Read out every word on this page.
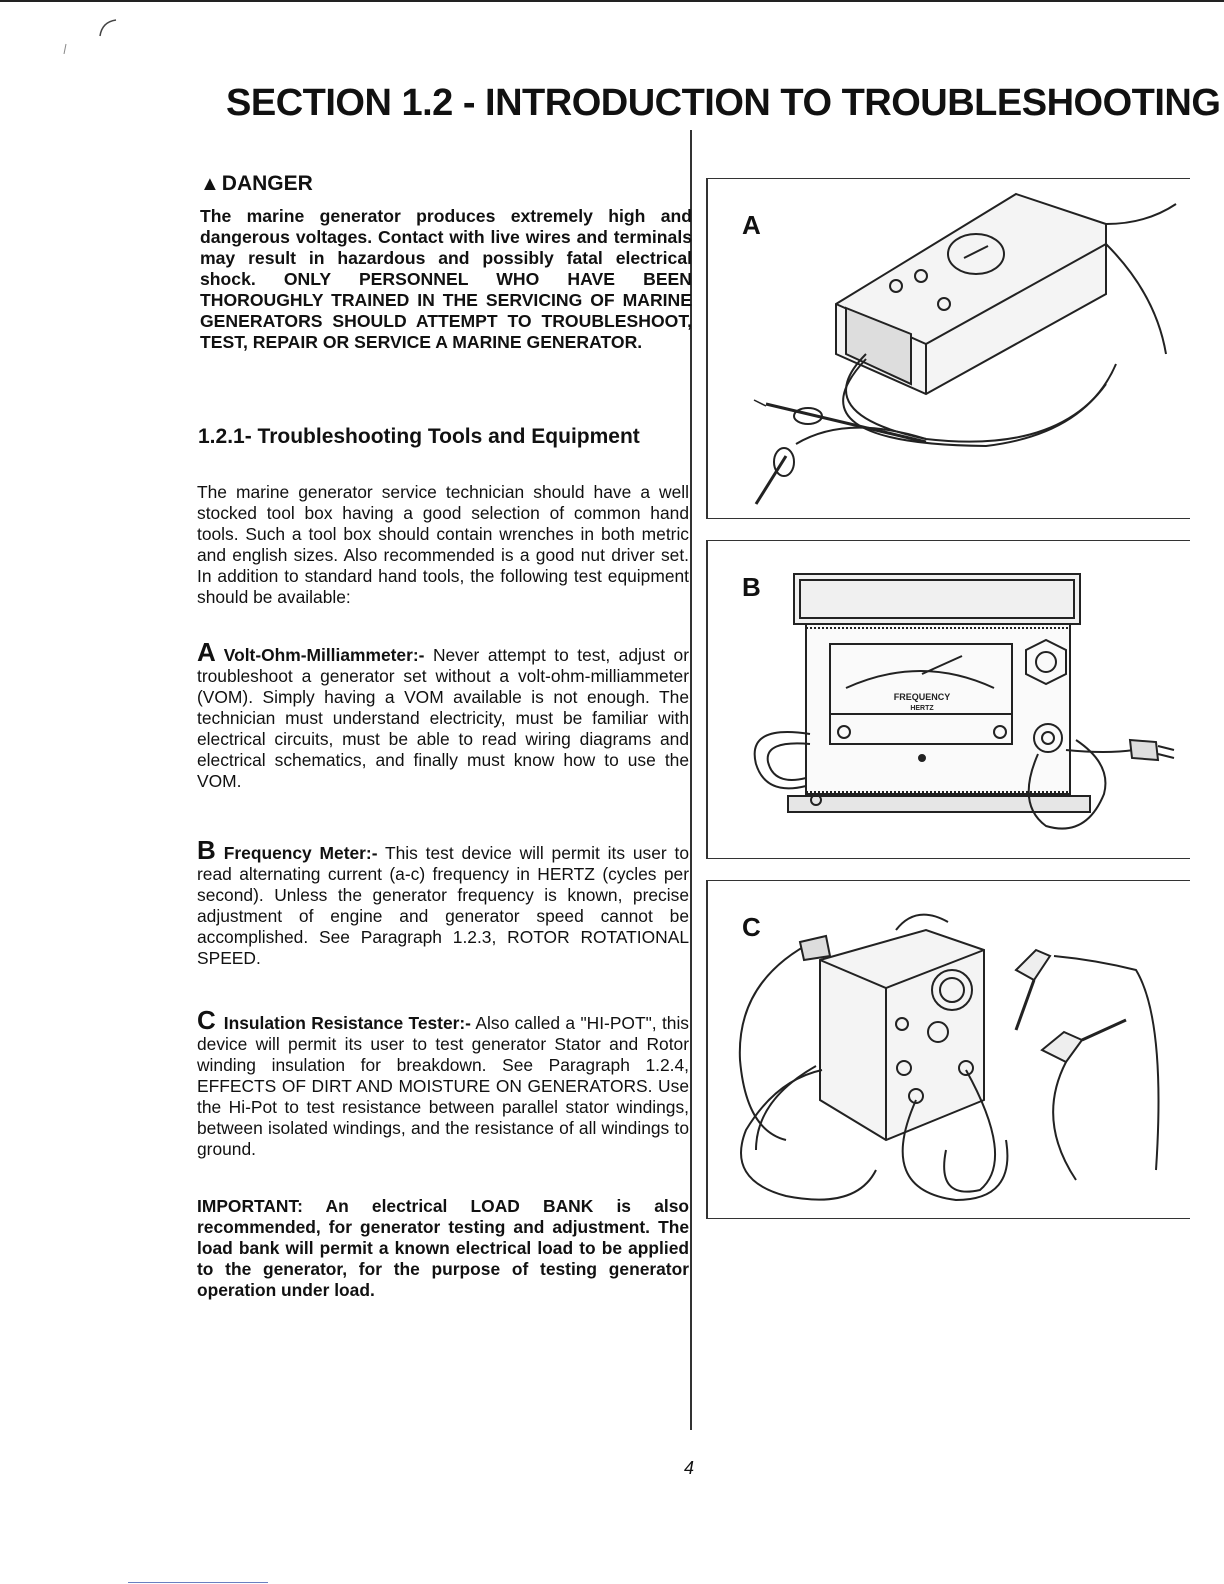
SECTION 1.2 - INTRODUCTION TO TROUBLESHOOTING
▲DANGER
The marine generator produces extremely high and dangerous voltages. Contact with live wires and terminals may result in hazardous and possibly fatal electrical shock. ONLY PERSONNEL WHO HAVE BEEN THOROUGHLY TRAINED IN THE SERVICING OF MARINE GENERATORS SHOULD ATTEMPT TO TROUBLESHOOT, TEST, REPAIR OR SERVICE A MARINE GENERATOR.
1.2.1- Troubleshooting Tools and Equipment
The marine generator service technician should have a well stocked tool box having a good selection of common hand tools. Such a tool box should contain wrenches in both metric and english sizes. Also recommended is a good nut driver set. In addition to standard hand tools, the following test equipment should be available:
A Volt-Ohm-Milliammeter:- Never attempt to test, adjust or troubleshoot a generator set without a volt-ohm-milliammeter (VOM). Simply having a VOM available is not enough. The technician must understand electricity, must be familiar with electrical circuits, must be able to read wiring diagrams and electrical schematics, and finally must know how to use the VOM.
B Frequency Meter:- This test device will permit its user to read alternating current (a-c) frequency in HERTZ (cycles per second). Unless the generator frequency is known, precise adjustment of engine and generator speed cannot be accomplished. See Paragraph 1.2.3, ROTOR ROTATIONAL SPEED.
C Insulation Resistance Tester:- Also called a "HI-POT", this device will permit its user to test generator Stator and Rotor winding insulation for breakdown. See Paragraph 1.2.4, EFFECTS OF DIRT AND MOISTURE ON GENERATORS. Use the Hi-Pot to test resistance between parallel stator windings, between isolated windings, and the resistance of all windings to ground.
IMPORTANT: An electrical LOAD BANK is also recommended, for generator testing and adjustment. The load bank will permit a known electrical load to be applied to the generator, for the purpose of testing generator operation under load.
4
A
B
FREQUENCY
HERTZ
C
